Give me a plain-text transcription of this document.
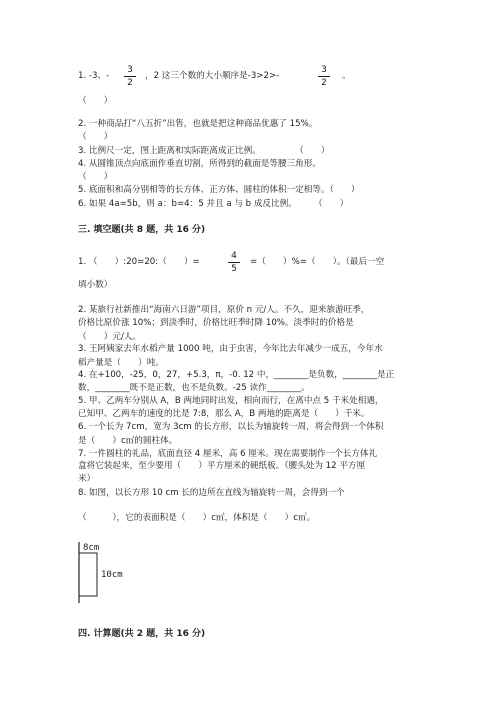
1. -3、-
3
2
，2 这三个数的大小顺序是-3>2>-
3
2
。
（　　）
2. 一种商品打“八五折”出售，也就是把这种商品优惠了 15%。
（　　）
3. 比例尺一定，图上距离和实际距离成正比例。　　　　　（　　）
4. 从圆锥顶点向底面作垂直切割，所得到的截面是等腰三角形。
（　　）
5. 底面积和高分别相等的长方体、正方体、圆柱的体积一定相等。（　　）
6. 如果 4a=5b，则 a：b=4：5 并且 a 与 b 成反比例。　　　（　　）
三. 填空题(共 8 题，共 16 分)
1. （　　）:20=20:（　　）=
4
5
=（　　）%=（　　）。（最后一空
填小数）
2. 某旅行社新推出“海南六日游”项目，原价 n 元/人。不久，迎来旅游旺季，
价格比原价涨 10%；到淡季时，价格比旺季时降 10%。淡季时的价格是
（　　）元/人。
3. 王阿姨家去年水稻产量 1000 吨，由于虫害，今年比去年减少一成五，今年水
稻产量是（　　）吨。
4. 在+100，-25，0，27，+5.3，π，-0. 12 中，________是负数，________是正
数，________既不是正数，也不是负数。-25 读作________。
5. 甲、乙两车分别从 A，B 两地同时出发，相向而行，在离中点 5 千米处相遇，
已知甲、乙两车的速度的比是 7:8，那么 A，B 两地的距离是（　　）千米。
6. 一个长为 7cm，宽为 3cm 的长方形，以长为轴旋转一周，将会得到一个体积
是（　　）c㎡的圆柱体。
7. 一件圆柱的礼品，底面直径 4 厘米，高 6 厘米。现在需要制作一个长方体礼
盒将它装起来，至少要用（　　）平方厘米的硬纸板。（腰头处为 12 平方厘
米）
8. 如图，以长方形 10 cm 长的边所在直线为轴旋转一周，会得到一个
（　　　），它的表面积是（　　）c㎡，体积是（　　）c㎥。
8cm
10cm
四. 计算题(共 2 题，共 16 分)
